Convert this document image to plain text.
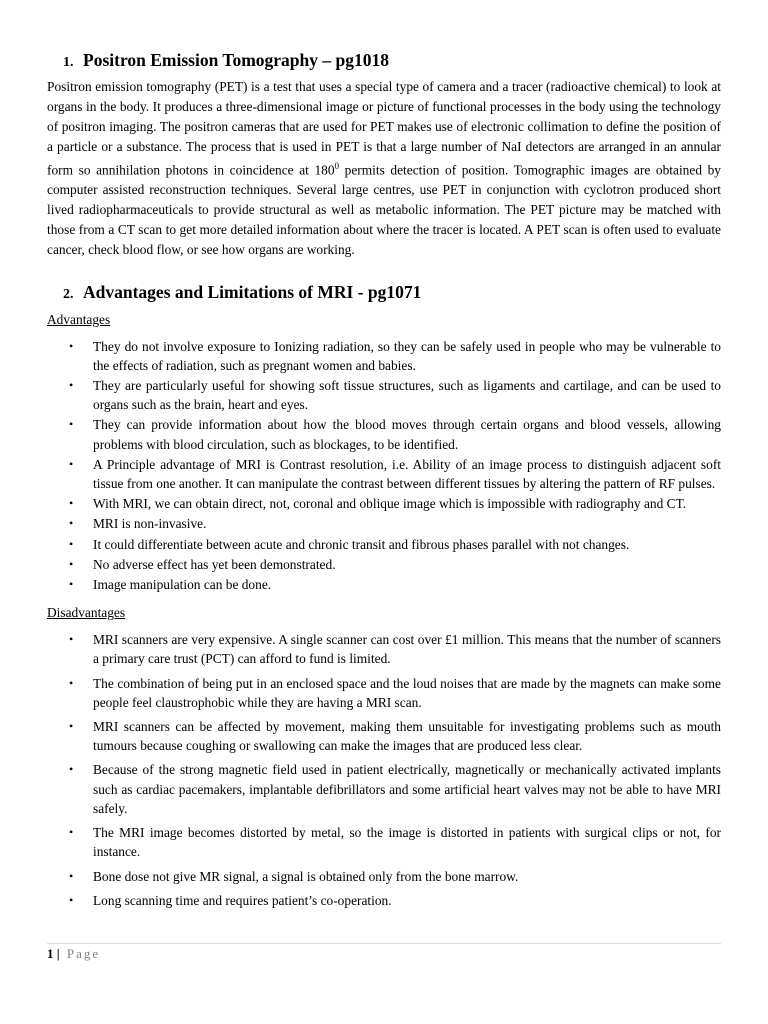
1. Positron Emission Tomography – pg1018

Positron emission tomography (PET) is a test that uses a special type of camera and a tracer (radioactive chemical) to look at organs in the body. It produces a three-dimensional image or picture of functional processes in the body using the technology of positron imaging. The positron cameras that are used for PET makes use of electronic collimation to define the position of a particle or a substance. The process that is used in PET is that a large number of NaI detectors are arranged in an annular form so annihilation photons in coincidence at $180^0$ permits detection of position. Tomographic images are obtained by computer assisted reconstruction techniques. Several large centres, use PET in conjunction with cyclotron produced short lived radiopharmaceuticals to provide structural as well as metabolic information. The PET picture may be matched with those from a CT scan to get more detailed information about where the tracer is located. A PET scan is often used to evaluate cancer, check blood flow, or see how organs are working.

2. Advantages and Limitations of MRI - pg1071

Advantages

• They do not involve exposure to Ionizing radiation, so they can be safely used in people who may be vulnerable to the effects of radiation, such as pregnant women and babies.
• They are particularly useful for showing soft tissue structures, such as ligaments and cartilage, and can be used to organs such as the brain, heart and eyes.
• They can provide information about how the blood moves through certain organs and blood vessels, allowing problems with blood circulation, such as blockages, to be identified.
• A Principle advantage of MRI is Contrast resolution, i.e. Ability of an image process to distinguish adjacent soft tissue from one another. It can manipulate the contrast between different tissues by altering the pattern of RF pulses.
• With MRI, we can obtain direct, not, coronal and oblique image which is impossible with radiography and CT.
• MRI is non-invasive.
• It could differentiate between acute and chronic transit and fibrous phases parallel with not changes.
• No adverse effect has yet been demonstrated.
• Image manipulation can be done.

Disadvantages

• MRI scanners are very expensive. A single scanner can cost over £1 million. This means that the number of scanners a primary care trust (PCT) can afford to fund is limited.
• The combination of being put in an enclosed space and the loud noises that are made by the magnets can make some people feel claustrophobic while they are having a MRI scan.
• MRI scanners can be affected by movement, making them unsuitable for investigating problems such as mouth tumours because coughing or swallowing can make the images that are produced less clear.
• Because of the strong magnetic field used in patient electrically, magnetically or mechanically activated implants such as cardiac pacemakers, implantable defibrillators and some artificial heart valves may not be able to have MRI safely.
• The MRI image becomes distorted by metal, so the image is distorted in patients with surgical clips or not, for instance.
• Bone dose not give MR signal, a signal is obtained only from the bone marrow.
• Long scanning time and requires patient’s co-operation.
1 | Page
